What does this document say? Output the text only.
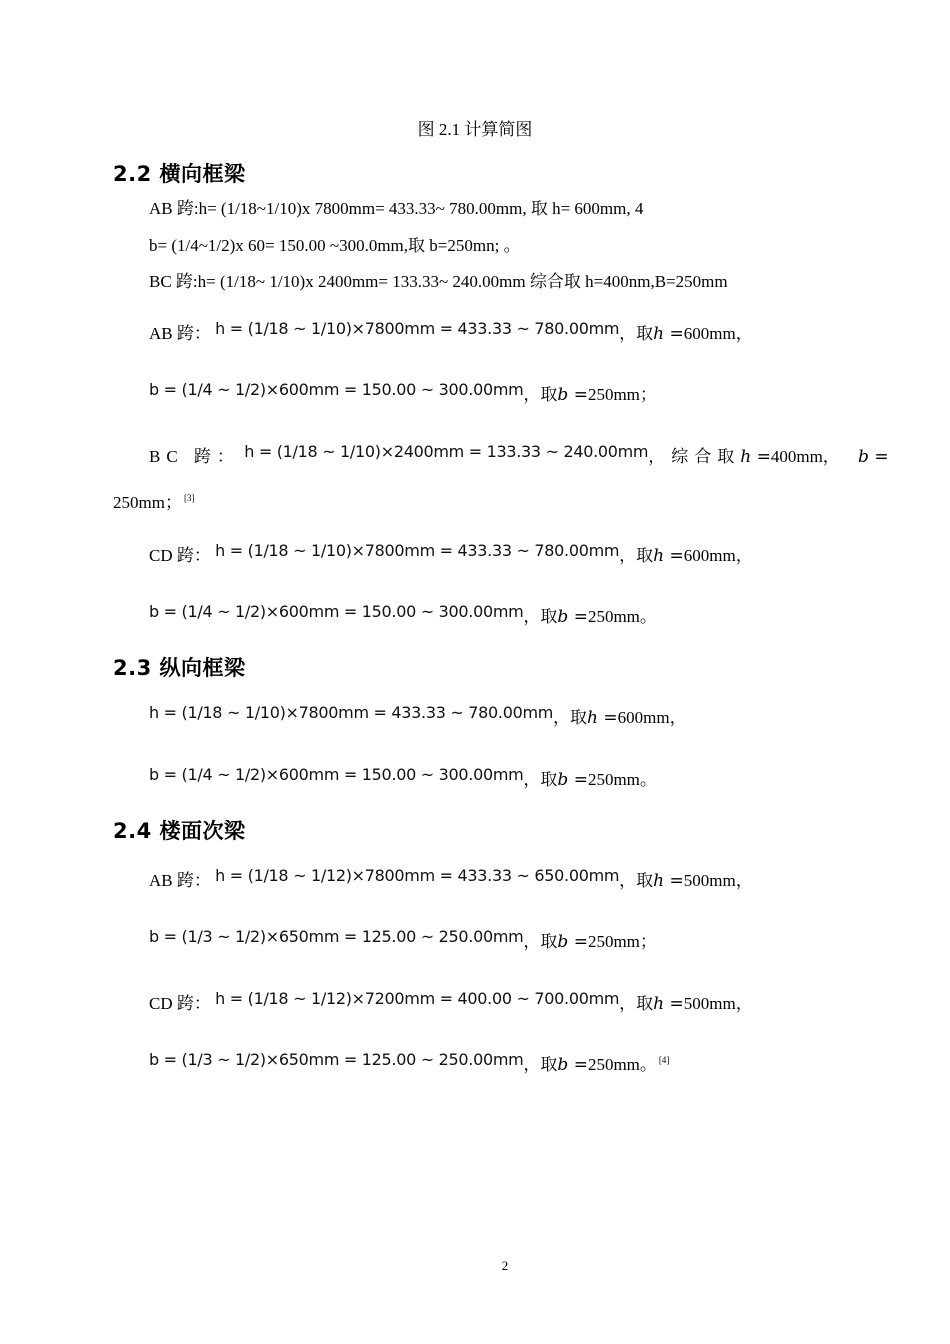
图 2.1 计算简图
2.2 横向框梁
AB 跨:h= (1/18~1/10)x 7800mm= 433.33~ 780.00mm, 取 h= 600mm, 4
b= (1/4~1/2)x 60= 150.00 ~300.0mm,取 b=250mn; 。
BC 跨:h= (1/18~ 1/10)x 2400mm= 133.33~ 240.00mm 综合取 h=400nm,B=250mm
AB 跨： h = (1/18 ~ 1/10)×7800mm = 433.33 ~ 780.00mm，取h =600mm，
b = (1/4 ~ 1/2)×600mm = 150.00 ~ 300.00mm，取b =250mm；
BC 跨： h = (1/18 ~ 1/10)×2400mm = 133.33 ~ 240.00mm，综合取h =400mm， b =
250mm； [3]
CD 跨： h = (1/18 ~ 1/10)×7800mm = 433.33 ~ 780.00mm，取h =600mm，
b = (1/4 ~ 1/2)×600mm = 150.00 ~ 300.00mm，取b =250mm。
2.3 纵向框梁
h = (1/18 ~ 1/10)×7800mm = 433.33 ~ 780.00mm，取h =600mm，
b = (1/4 ~ 1/2)×600mm = 150.00 ~ 300.00mm，取b =250mm。
2.4 楼面次梁
AB 跨： h = (1/18 ~ 1/12)×7800mm = 433.33 ~ 650.00mm，取h =500mm，
b = (1/3 ~ 1/2)×650mm = 125.00 ~ 250.00mm，取b =250mm；
CD 跨： h = (1/18 ~ 1/12)×7200mm = 400.00 ~ 700.00mm，取h =500mm，
b = (1/3 ~ 1/2)×650mm = 125.00 ~ 250.00mm，取b =250mm。 [4]
2
